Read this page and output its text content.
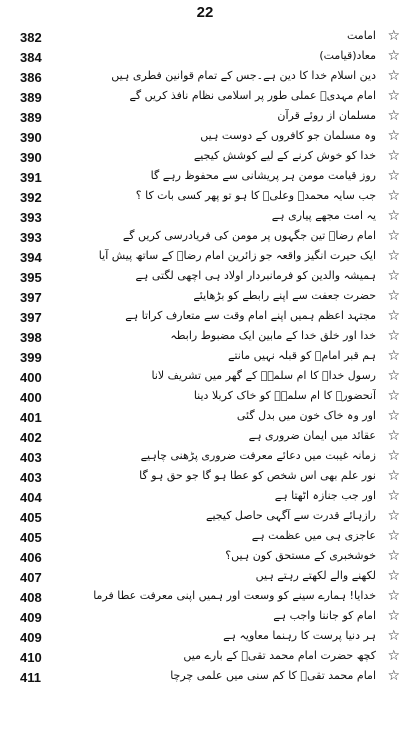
22
382	امامت ☆
384	معاد(قیامت) ☆
386	دین اسلام خدا کا دین ہے۔جس کے تمام قوانین فطری ہیں ☆
389	امام مہدیؑ عملی طور پر اسلامی نظام نافذ کریں گے ☆
389	مسلمان از روئے قرآن ☆
390	وہ مسلمان جو کافروں کے دوست ہیں ☆
390	خدا کو خوش کرنے کے لیے کوشش کیجیے ☆
391	روز قیامت مومن ہر پریشانی سے محفوظ رہے گا ☆
392	جب سایہ محمدؐ وعلیؑ کا ہو تو پھر کسی بات کا ؟ ☆
393	یہ امت مجھے پیاری ہے ☆
393	امام رضاؑ تین جگہوں پر مومن کی فریادرسی کریں گے ☆
394	ایک حیرت انگیز واقعہ جو زائرین امام رضاؑ کے ساتھ پیش آیا ☆
395	ہمیشہ والدین کو فرمانبردار اولاد ہی اچھی لگتی ہے ☆
397	حضرت جعفت سے اپنے رابطے کو بڑھایئے ☆
397	مجتہد اعظم ہمیں اپنے امام وقت سے متعارف کراتا ہے ☆
398	خدا اور خلق خدا کے مابین ایک مضبوط رابطہ ☆
399	ہم قبر امامؑ کو قبلہ نہیں مانتے ☆
400	رسول خداؐ کا ام سلمہؑ کے گھر میں تشریف لانا ☆
400	آنحضورؐ کا ام سلمہؑ کو خاک کربلا دینا ☆
401	اور وہ خاک خون میں بدل گئی ☆
402	عقائد میں ایمان ضروری ہے ☆
403	زمانہ غیبت میں دعائے معرفت ضروری پڑھنی چاہیے ☆
403	نور علم بھی اس شخص کو عطا ہو گا جو حق ہو گا ☆
404	اور جب جنازہ اٹھتا ہے ☆
405	رازہائے قدرت سے آگہی حاصل کیجیے ☆
405	عاجزی ہی میں عظمت ہے ☆
406	خوشخبری کے مستحق کون ہیں؟ ☆
407	لکھنے والے لکھتے رہتے ہیں ☆
408	خدایا! ہمارے سینے کو وسعت اور ہمیں اپنی معرفت عطا فرما ☆
409	امام کو جاننا واجب ہے ☆
409	ہر دنیا پرست کا رہنما معاویہ ہے ☆
410	کچھ حضرت امام محمد تقیؑ کے بارے میں ☆
411	امام محمد تقیؑ کا کم سنی میں علمی چرچا ☆
